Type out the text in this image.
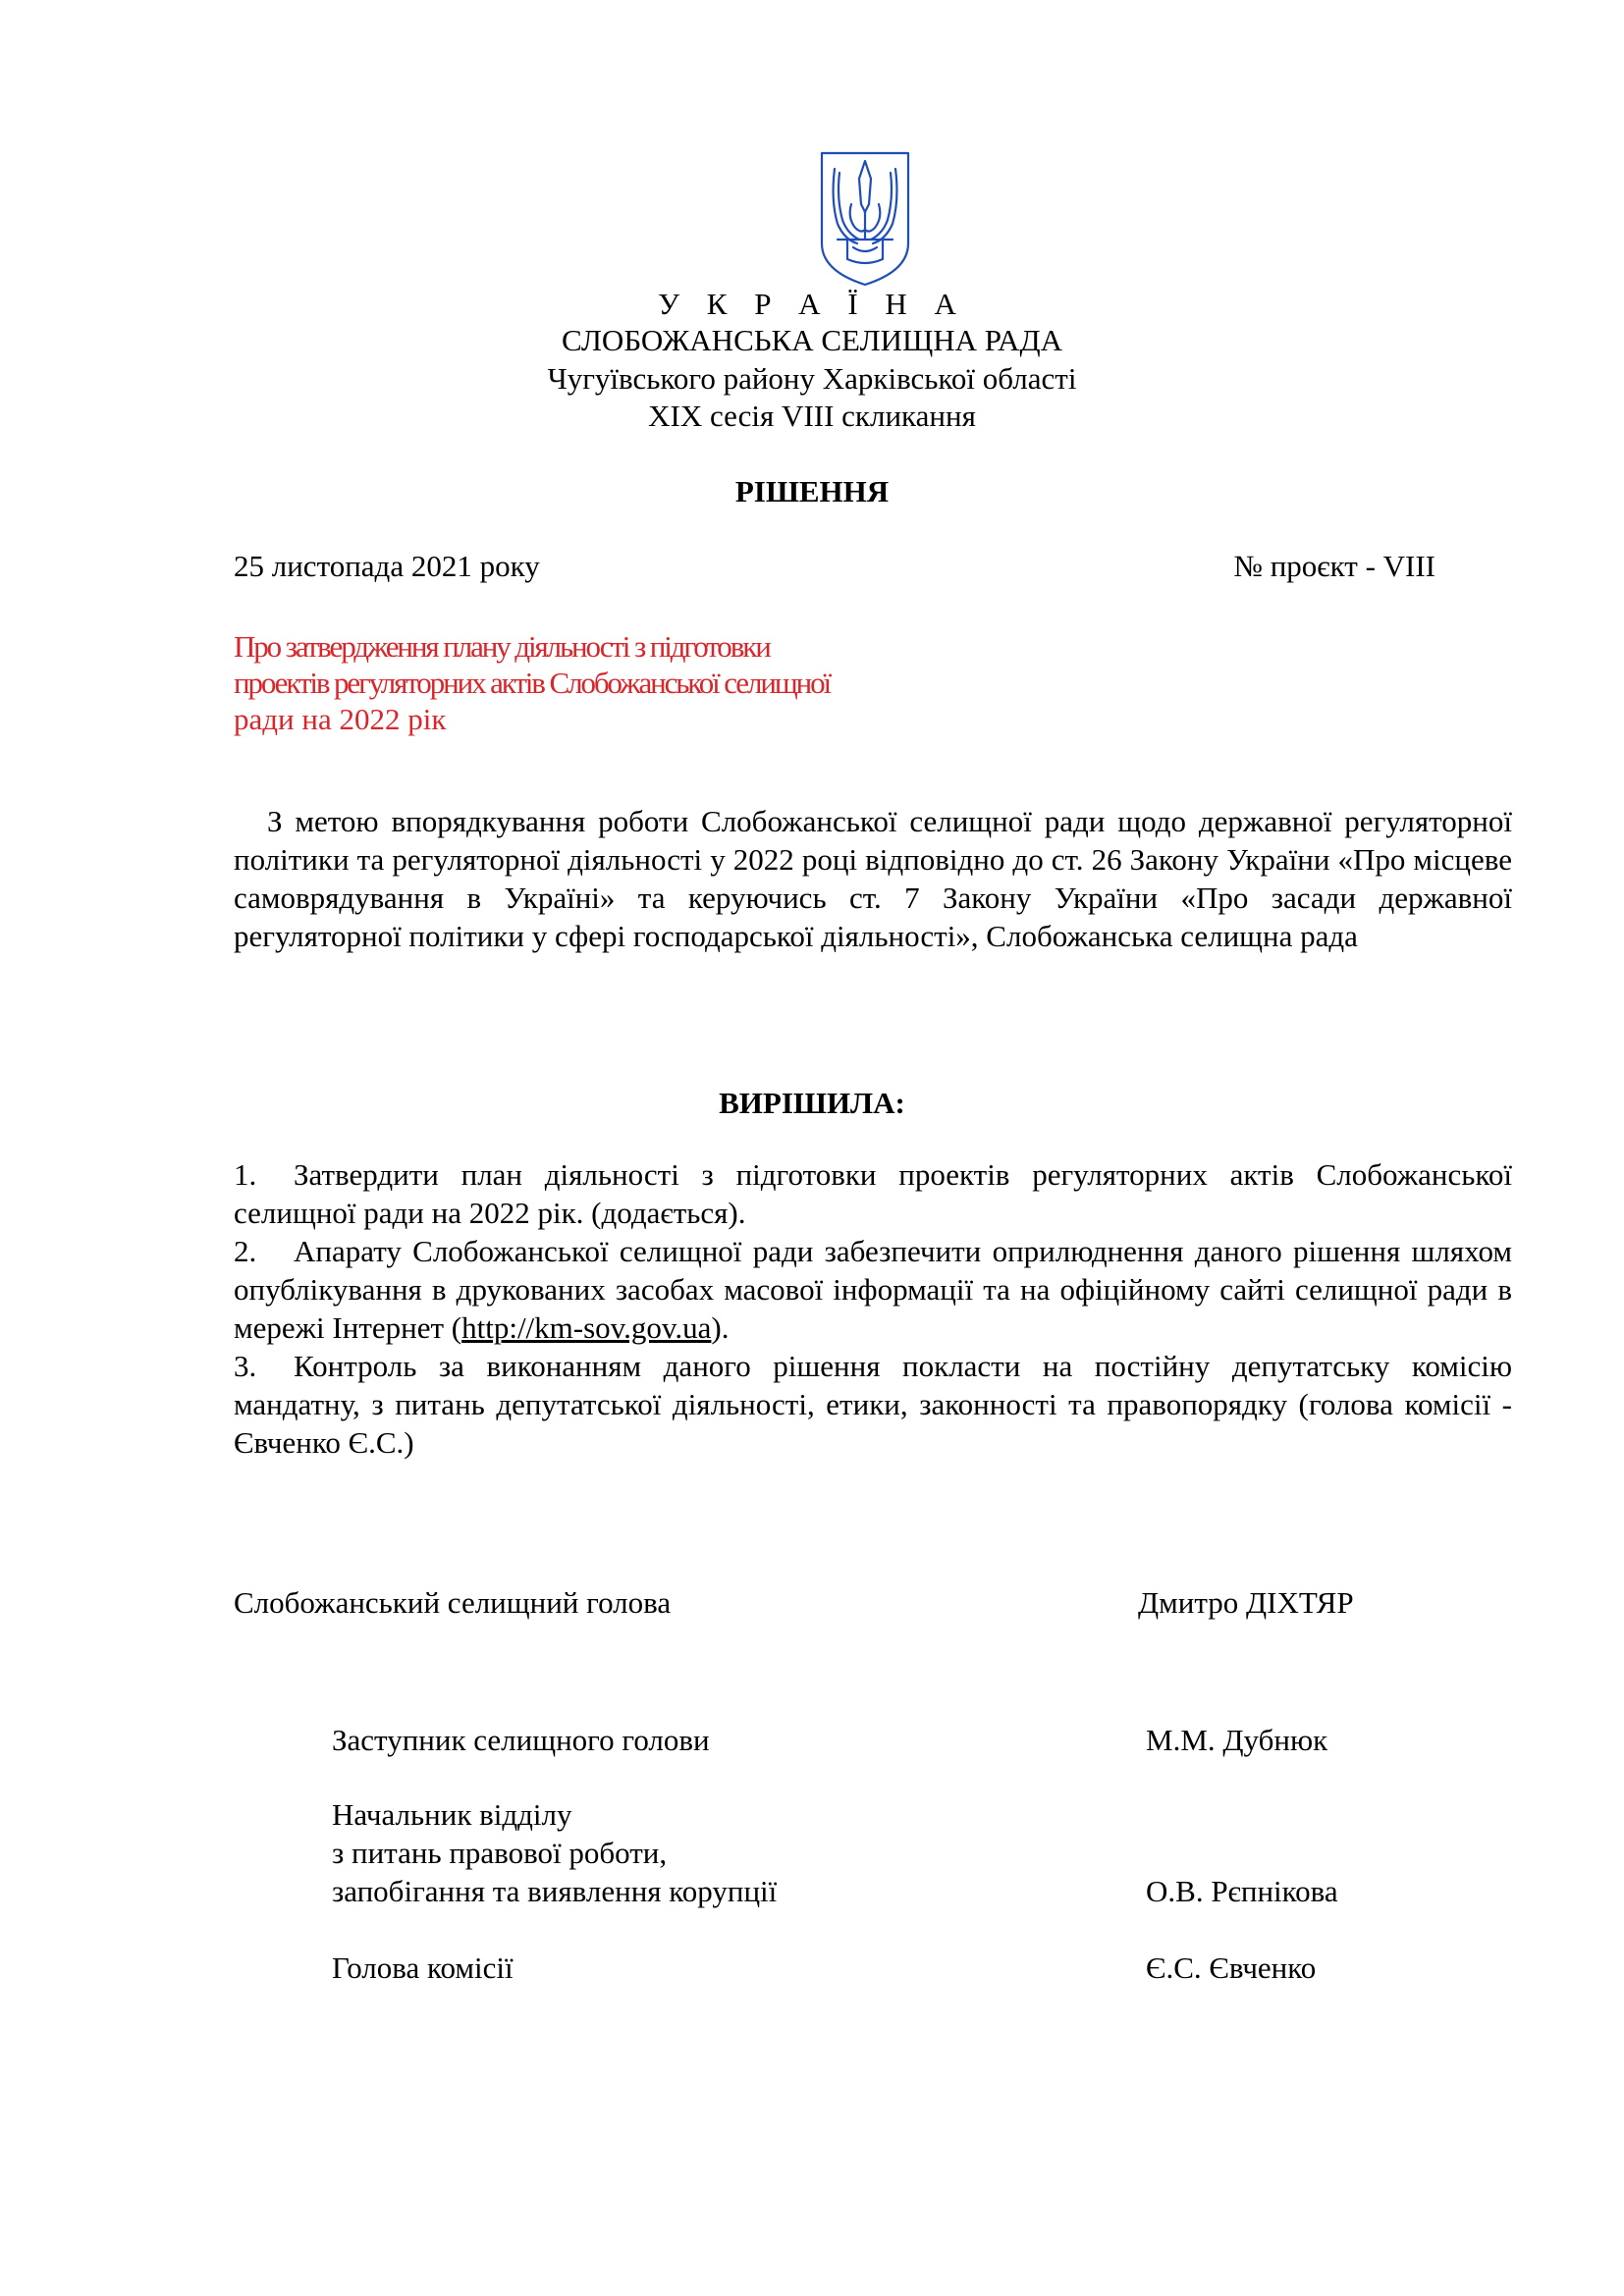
У К Р А Ї Н А
СЛОБОЖАНСЬКА СЕЛИЩНА РАДА
Чугуївського району Харківської області
XIX сесія VIII скликання
РІШЕННЯ
25 листопада 2021 року	№ проєкт - VIII
Про затвердження плану діяльності з підготовки
проектів регуляторних актів Слобожанської селищної
ради на 2022 рік
З метою впорядкування роботи Слобожанської селищної ради щодо державної регуляторної політики та регуляторної діяльності у 2022 році відповідно до ст. 26 Закону України «Про місцеве самоврядування в Україні» та керуючись ст. 7 Закону України «Про засади державної регуляторної політики у сфері господарської діяльності», Слобожанська селищна рада
ВИРІШИЛА:
1. Затвердити план діяльності з підготовки проектів регуляторних актів Слобожанської селищної ради на 2022 рік. (додається).
2. Апарату Слобожанської селищної ради забезпечити оприлюднення даного рішення шляхом опублікування в друкованих засобах масової інформації та на офіційному сайті селищної ради в мережі Інтернет (http://km-sov.gov.ua).
3. Контроль за виконанням даного рішення покласти на постійну депутатську комісію мандатну, з питань депутатської діяльності, етики, законності та правопорядку (голова комісії - Євченко Є.С.)
Слобожанський селищний голова	Дмитро ДІХТЯР
Заступник селищного голови	М.М. Дубнюк
Начальник відділу
з питань правової роботи,
запобігання та виявлення корупції	О.В. Рєпнікова
Голова комісії	Є.С. Євченко
